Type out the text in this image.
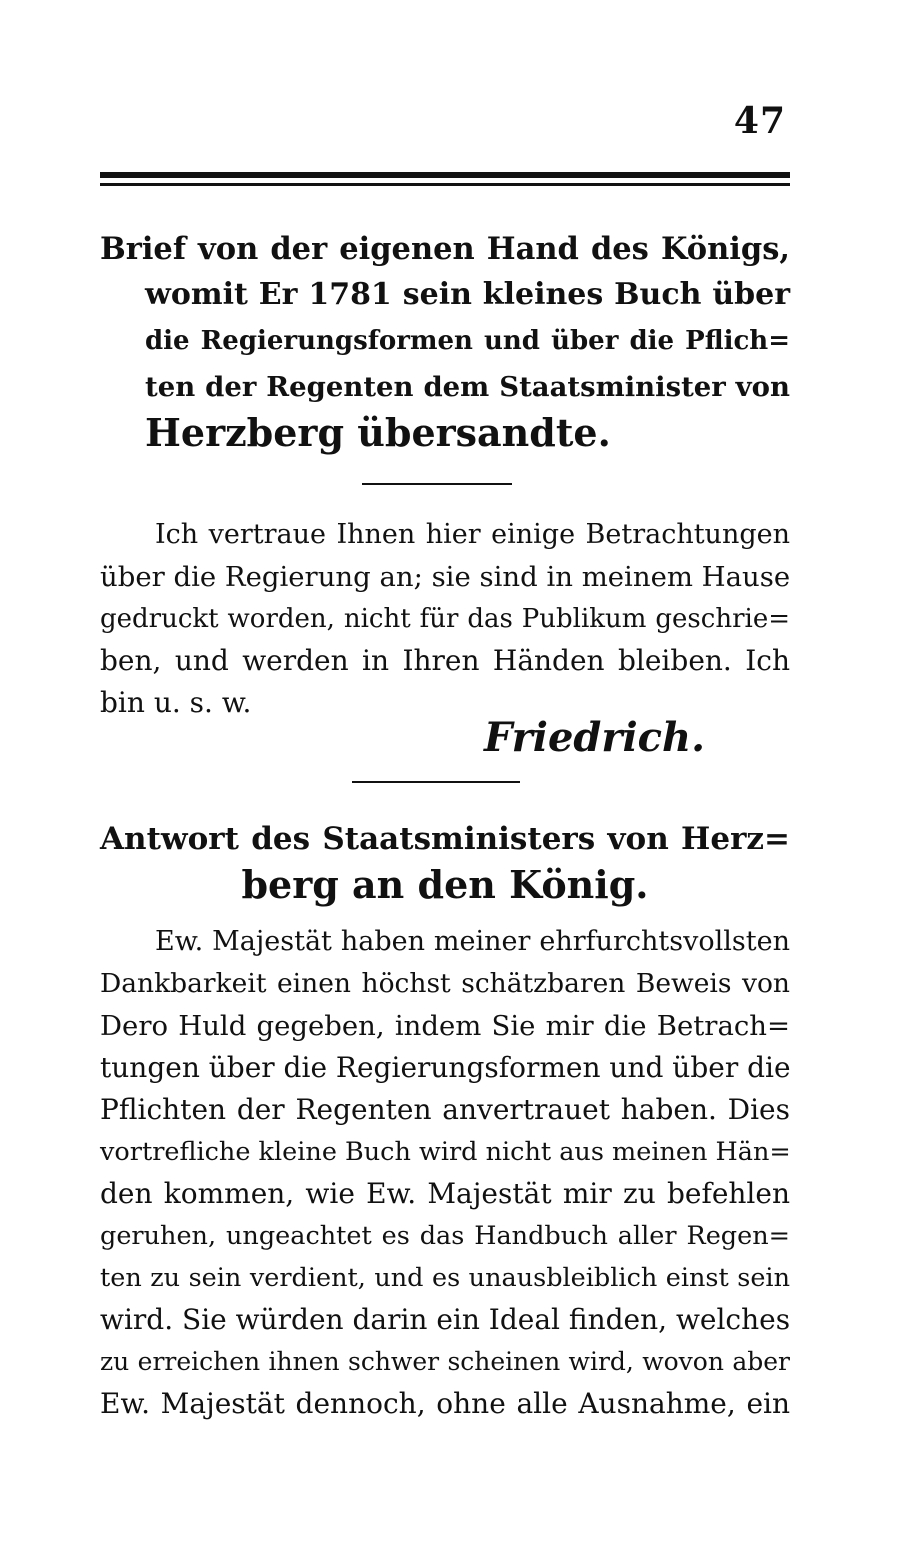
47
Brief von der eigenen Hand des Königs,
womit Er 1781 sein kleines Buch über
die Regierungsformen und über die Pflich=
ten der Regenten dem Staatsminister von
Herzberg übersandte.

Ich vertraue Ihnen hier einige Betrachtungen
über die Regierung an; sie sind in meinem Hause
gedruckt worden, nicht für das Publikum geschrie=
ben, und werden in Ihren Händen bleiben. Ich
bin u. s. w.

Friedrich.

Antwort des Staatsministers von Herz=
berg an den König.

Ew. Majestät haben meiner ehrfurchtsvollsten
Dankbarkeit einen höchst schätzbaren Beweis von
Dero Huld gegeben, indem Sie mir die Betrach=
tungen über die Regierungsformen und über die
Pflichten der Regenten anvertrauet haben. Dies
vortrefliche kleine Buch wird nicht aus meinen Hän=
den kommen, wie Ew. Majestät mir zu befehlen
geruhen, ungeachtet es das Handbuch aller Regen=
ten zu sein verdient, und es unausbleiblich einst sein
wird. Sie würden darin ein Ideal finden, welches
zu erreichen ihnen schwer scheinen wird, wovon aber
Ew. Majestät dennoch, ohne alle Ausnahme, ein
